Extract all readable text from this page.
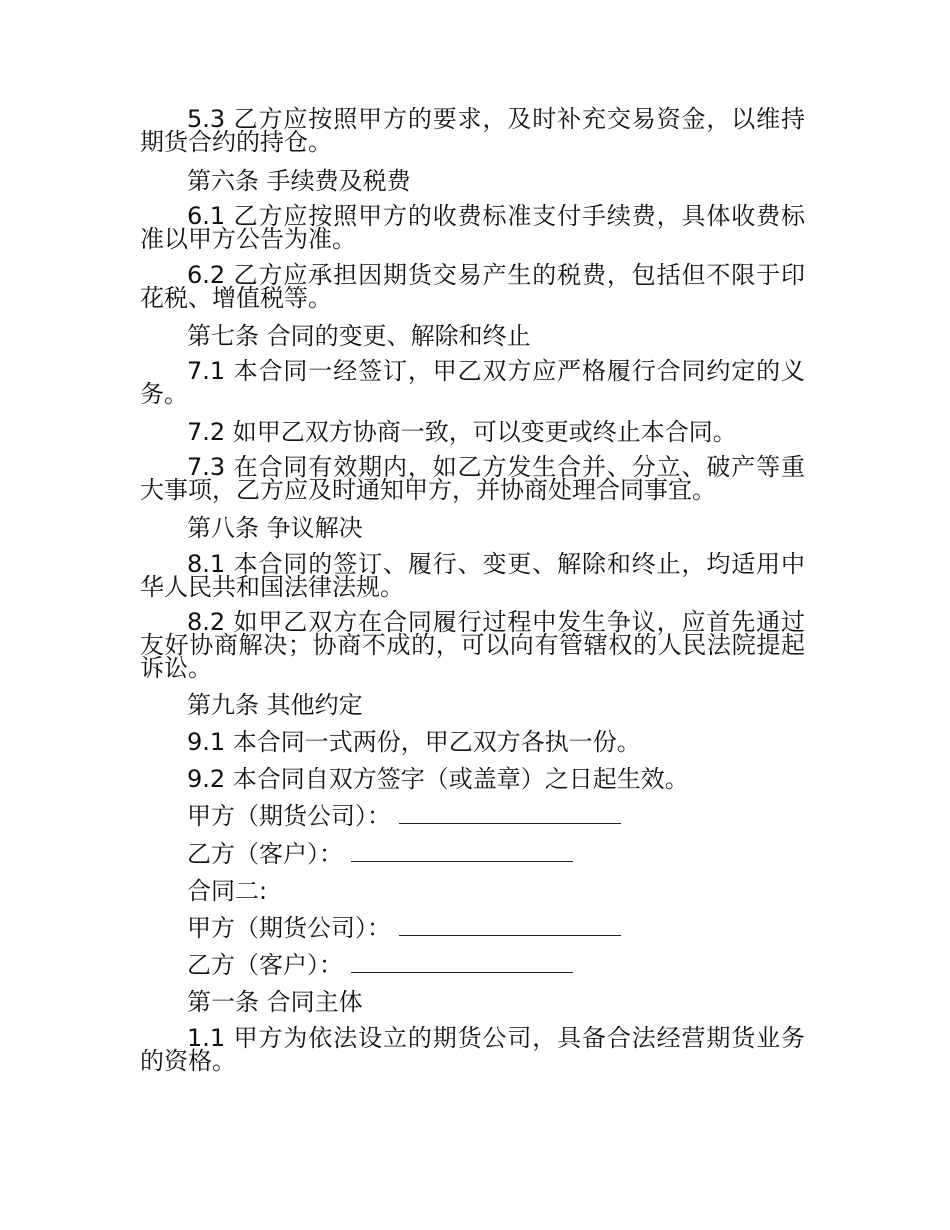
5.3 乙方应按照甲方的要求，及时补充交易资金，以维持期货合约的持仓。

第六条 手续费及税费

6.1 乙方应按照甲方的收费标准支付手续费，具体收费标准以甲方公告为准。

6.2 乙方应承担因期货交易产生的税费，包括但不限于印花税、增值税等。

第七条 合同的变更、解除和终止

7.1 本合同一经签订，甲乙双方应严格履行合同约定的义务。

7.2 如甲乙双方协商一致，可以变更或终止本合同。

7.3 在合同有效期内，如乙方发生合并、分立、破产等重大事项，乙方应及时通知甲方，并协商处理合同事宜。

第八条 争议解决

8.1 本合同的签订、履行、变更、解除和终止，均适用中华人民共和国法律法规。

8.2 如甲乙双方在合同履行过程中发生争议，应首先通过友好协商解决；协商不成的，可以向有管辖权的人民法院提起诉讼。

第九条 其他约定

9.1 本合同一式两份，甲乙双方各执一份。

9.2 本合同自双方签字（或盖章）之日起生效。

甲方（期货公司）：

乙方（客户）：

合同二:

甲方（期货公司）：

乙方（客户）：

第一条 合同主体

1.1 甲方为依法设立的期货公司，具备合法经营期货业务的资格。
